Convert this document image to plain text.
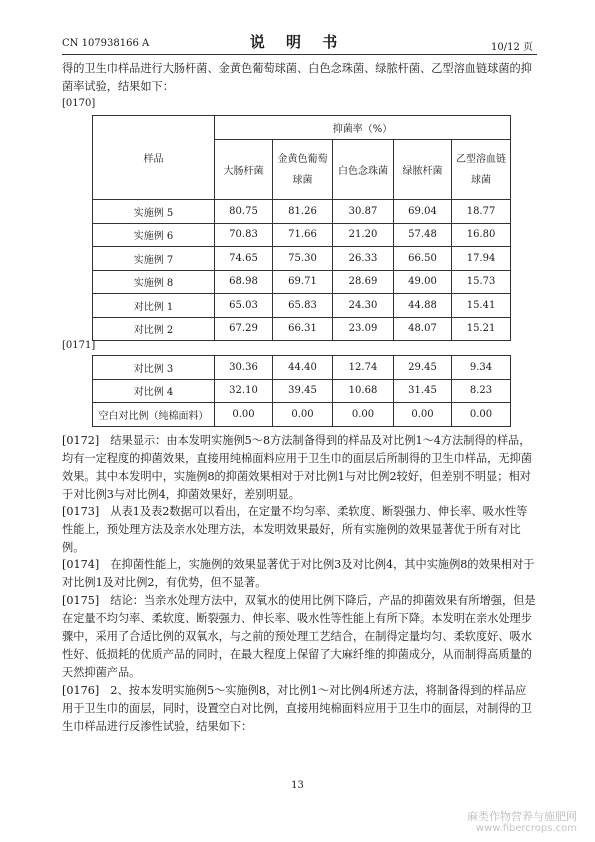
CN 107938166 A	说 明 书	10/12 页
得的卫生巾样品进行大肠杆菌、金黄色葡萄球菌、白色念珠菌、绿脓杆菌、乙型溶血链球菌的抑菌率试验，结果如下：
[0170]
样品	抑菌率（%）				
	大肠杆菌	金黄色葡萄球菌	白色念珠菌	绿脓杆菌	乙型溶血链球菌
实施例 5	80.75	81.26	30.87	69.04	18.77
实施例 6	70.83	71.66	21.20	57.48	16.80
实施例 7	74.65	75.30	26.33	66.50	17.94
实施例 8	68.98	69.71	28.69	49.00	15.73
对比例 1	65.03	65.83	24.30	44.88	15.41
对比例 2	67.29	66.31	23.09	48.07	15.21
[0171]
对比例 3	30.36	44.40	12.74	29.45	9.34
对比例 4	32.10	39.45	10.68	31.45	8.23
空白对比例（纯棉面料）	0.00	0.00	0.00	0.00	0.00
[0172]　结果显示：由本发明实施例5～8方法制备得到的样品及对比例1～4方法制得的样品，均有一定程度的抑菌效果，直接用纯棉面料应用于卫生巾的面层后所制得的卫生巾样品，无抑菌效果。其中本发明中，实施例8的抑菌效果相对于对比例1与对比例2较好，但差别不明显；相对于对比例3与对比例4，抑菌效果好，差别明显。
[0173]　从表1及表2数据可以看出，在定量不均匀率、柔软度、断裂强力、伸长率、吸水性等性能上，预处理方法及亲水处理方法，本发明效果最好，所有实施例的效果显著优于所有对比例。
[0174]　在抑菌性能上，实施例的效果显著优于对比例3及对比例4，其中实施例8的效果相对于对比例1及对比例2，有优势，但不显著。
[0175]　结论：当亲水处理方法中，双氧水的使用比例下降后，产品的抑菌效果有所增强，但是在定量不均匀率、柔软度、断裂强力、伸长率、吸水性等性能上有所下降。本发明在亲水处理步骤中，采用了合适比例的双氧水，与之前的预处理工艺结合，在制得定量均匀、柔软度好、吸水性好、低损耗的优质产品的同时，在最大程度上保留了大麻纤维的抑菌成分，从而制得高质量的天然抑菌产品。
[0176]　2、按本发明实施例5～实施例8，对比例1～对比例4所述方法，将制备得到的样品应用于卫生巾的面层，同时，设置空白对比例，直接用纯棉面料应用于卫生巾的面层，对制得的卫生巾样品进行反渗性试验，结果如下：
13
麻类作物营养与施肥网
www.fibercrops.com
